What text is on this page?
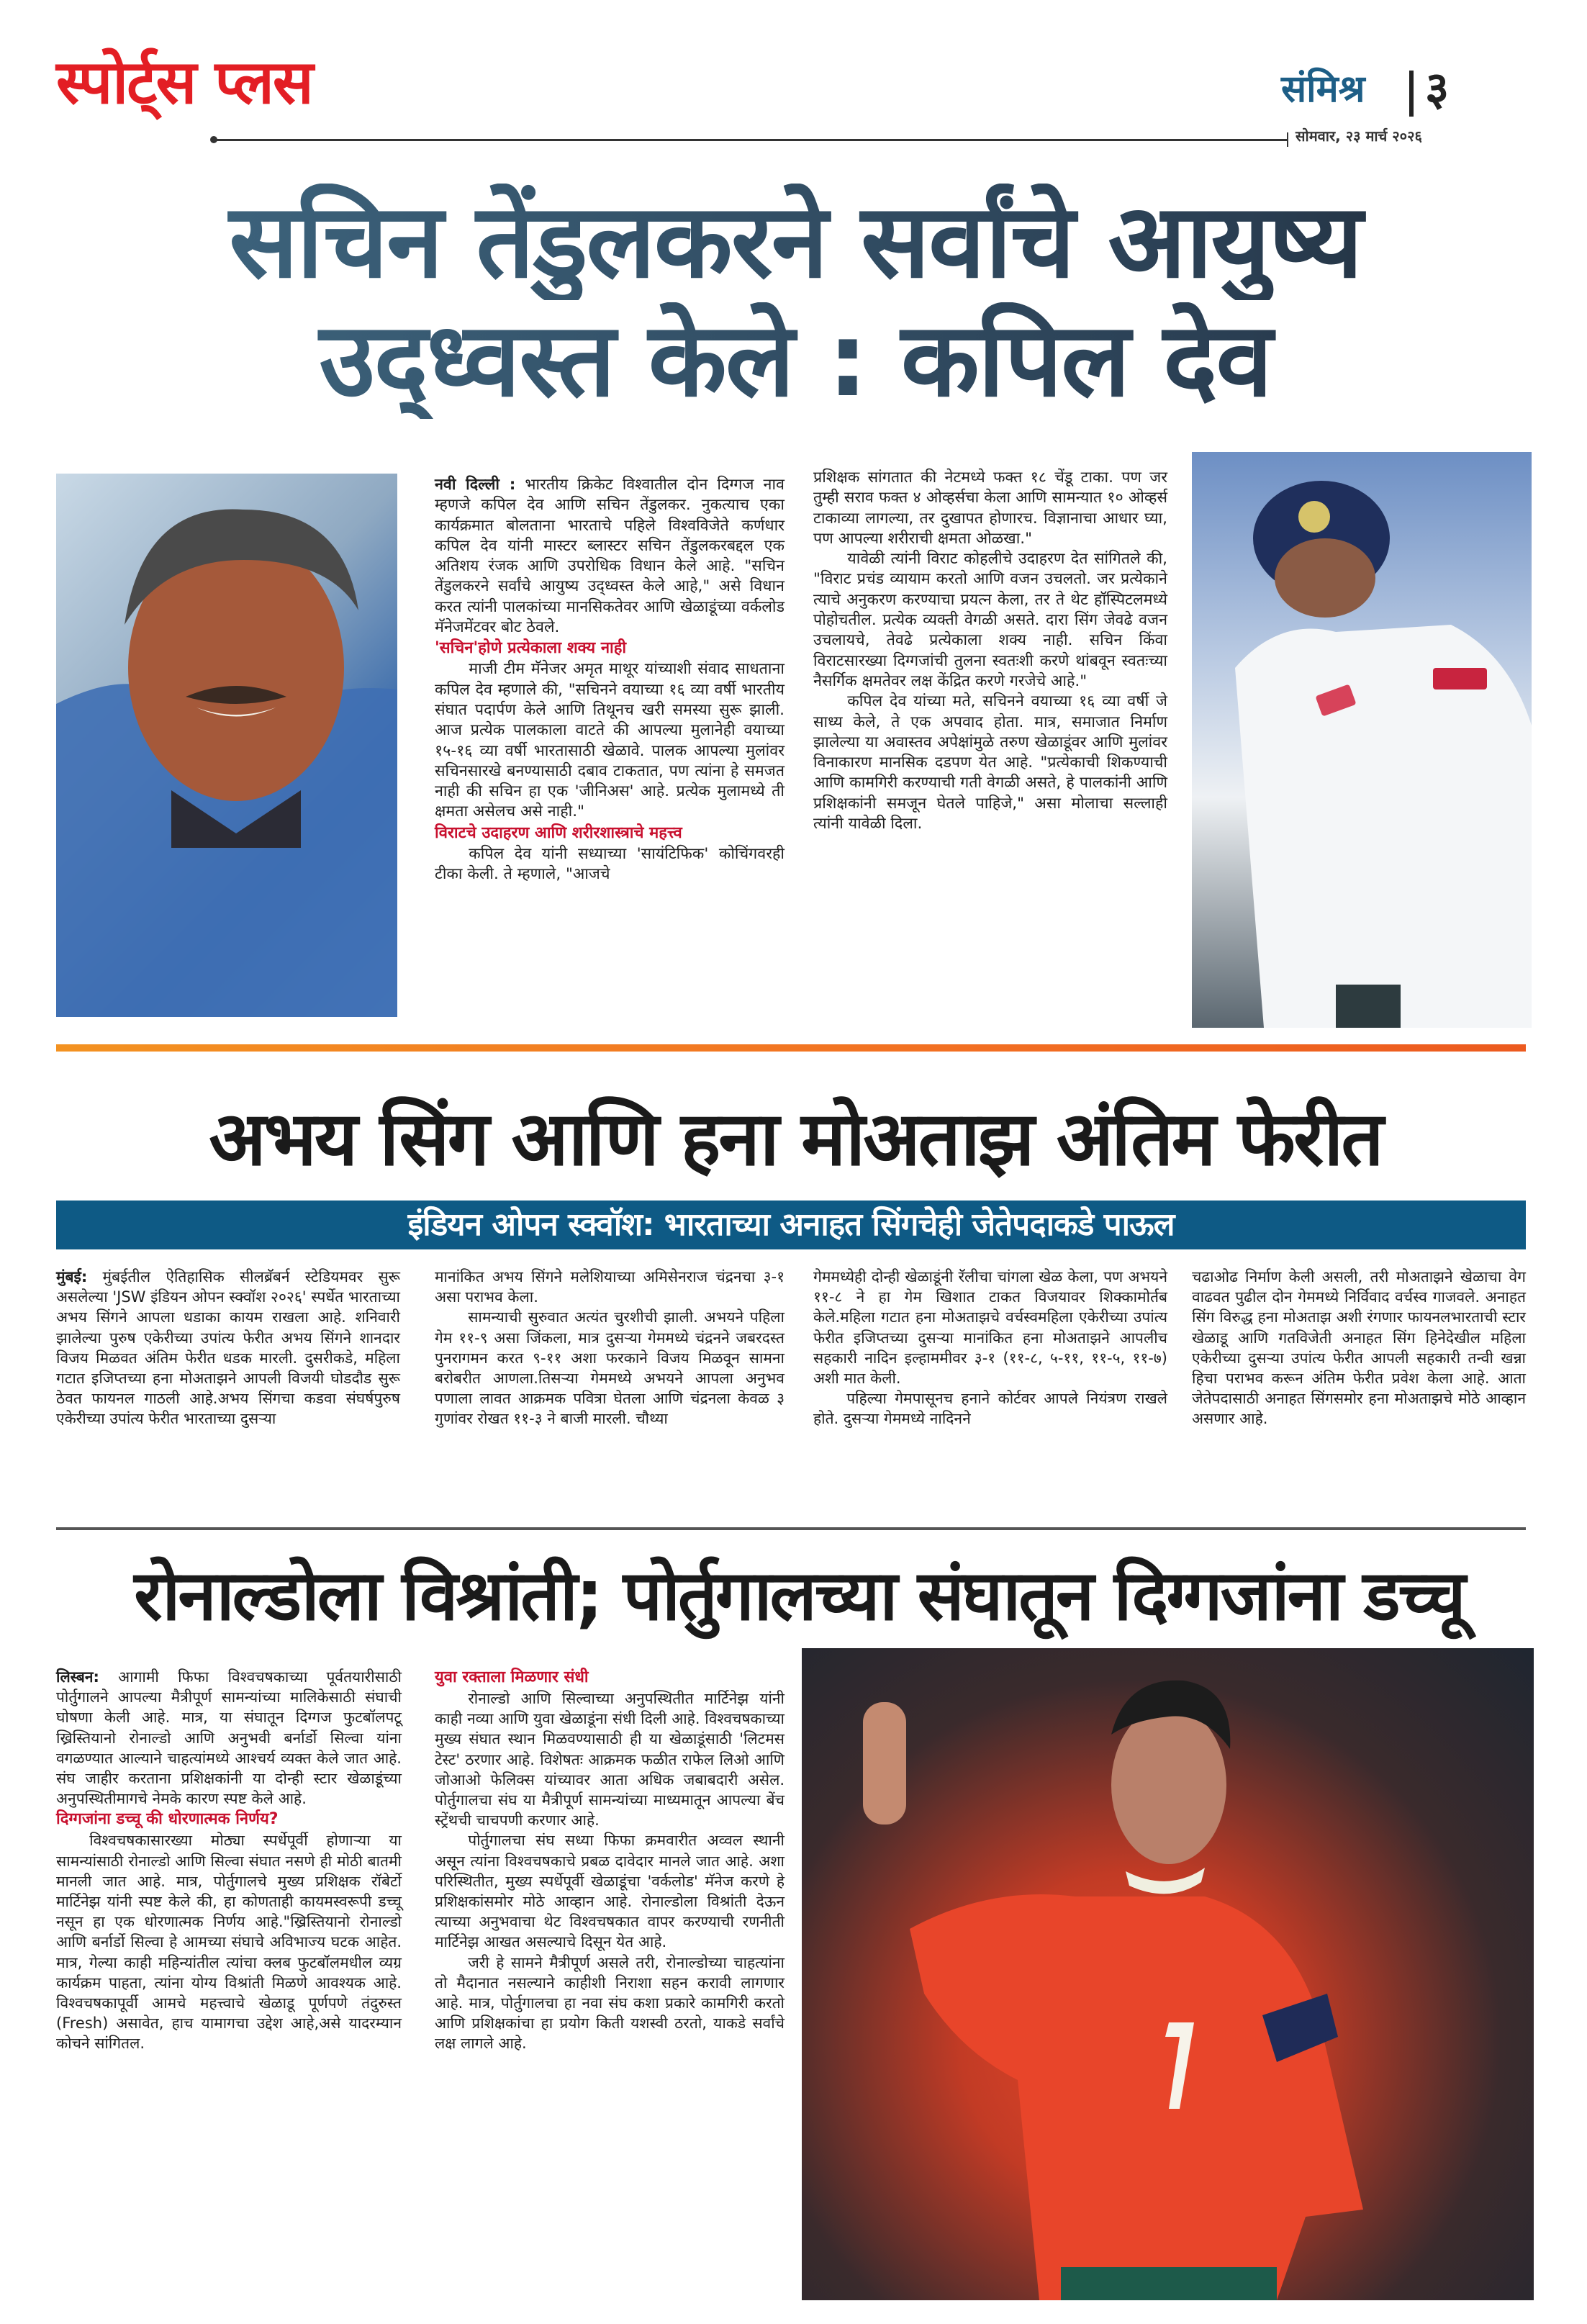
स्पोर्ट्स प्लस	संमिश्र ३
सोमवार, २३ मार्च २०२६
सचिन तेंडुलकरने सर्वांचे आयुष्य
उद्ध्वस्त केले : कपिल देव

नवी दिल्ली : भारतीय क्रिकेट विश्वातील दोन दिग्गज नाव म्हणजे कपिल देव आणि सचिन तेंडुलकर. नुकत्याच एका कार्यक्रमात बोलताना भारताचे पहिले विश्वविजेते कर्णधार कपिल देव यांनी मास्टर ब्लास्टर सचिन तेंडुलकरबद्दल एक अतिशय रंजक आणि उपरोधिक विधान केले आहे. "सचिन तेंडुलकरने सर्वांचे आयुष्य उद्ध्वस्त केले आहे," असे विधान करत त्यांनी पालकांच्या मानसिकतेवर आणि खेळाडूंच्या वर्कलोड मॅनेजमेंटवर बोट ठेवले.

'सचिन'होणे प्रत्येकाला शक्य नाही

माजी टीम मॅनेजर अमृत माथूर यांच्याशी संवाद साधताना कपिल देव म्हणाले की, "सचिनने वयाच्या १६ व्या वर्षी भारतीय संघात पदार्पण केले आणि तिथूनच खरी समस्या सुरू झाली. आज प्रत्येक पालकाला वाटते की आपल्या मुलानेही वयाच्या १५-१६ व्या वर्षी भारतासाठी खेळावे. पालक आपल्या मुलांवर सचिनसारखे बनण्यासाठी दबाव टाकतात, पण त्यांना हे समजत नाही की सचिन हा एक 'जीनिअस' आहे. प्रत्येक मुलामध्ये ती क्षमता असेलच असे नाही."

विराटचे उदाहरण आणि शरीरशास्त्राचे महत्त्व

कपिल देव यांनी सध्याच्या 'सायंटिफिक' कोचिंगवरही टीका केली. ते म्हणाले, "आजचे

प्रशिक्षक सांगतात की नेटमध्ये फक्त १८ चेंडू टाका. पण जर तुम्ही सराव फक्त ४ ओव्हर्सचा केला आणि सामन्यात १० ओव्हर्स टाकाव्या लागल्या, तर दुखापत होणारच. विज्ञानाचा आधार घ्या, पण आपल्या शरीराची क्षमता ओळखा."

यावेळी त्यांनी विराट कोहलीचे उदाहरण देत सांगितले की, "विराट प्रचंड व्यायाम करतो आणि वजन उचलतो. जर प्रत्येकाने त्याचे अनुकरण करण्याचा प्रयत्न केला, तर ते थेट हॉस्पिटलमध्ये पोहोचतील. प्रत्येक व्यक्ती वेगळी असते. दारा सिंग जेवढे वजन उचलायचे, तेवढे प्रत्येकाला शक्य नाही. सचिन किंवा विराटसारख्या दिग्गजांची तुलना स्वतःशी करणे थांबवून स्वतःच्या नैसर्गिक क्षमतेवर लक्ष केंद्रित करणे गरजेचे आहे."

कपिल देव यांच्या मते, सचिनने वयाच्या १६ व्या वर्षी जे साध्य केले, ते एक अपवाद होता. मात्र, समाजात निर्माण झालेल्या या अवास्तव अपेक्षांमुळे तरुण खेळाडूंवर आणि मुलांवर विनाकारण मानसिक दडपण येत आहे. "प्रत्येकाची शिकण्याची आणि कामगिरी करण्याची गती वेगळी असते, हे पालकांनी आणि प्रशिक्षकांनी समजून घेतले पाहिजे," असा मोलाचा सल्लाही त्यांनी यावेळी दिला.

अभय सिंग आणि हना मोअताझ अंतिम फेरीत
इंडियन ओपन स्क्वॉश: भारताच्या अनाहत सिंगचेही जेतेपदाकडे पाऊल

मुंबई: मुंबईतील ऐतिहासिक सीलब्रॅबर्न स्टेडियमवर सुरू असलेल्या 'JSW इंडियन ओपन स्क्वॉश २०२६' स्पर्धेत भारताच्या अभय सिंगने आपला धडाका कायम राखला आहे. शनिवारी झालेल्या पुरुष एकेरीच्या उपांत्य फेरीत अभय सिंगने शानदार विजय मिळवत अंतिम फेरीत धडक मारली. दुसरीकडे, महिला गटात इजिप्तच्या हना मोअताझने आपली विजयी घोडदौड सुरू ठेवत फायनल गाठली आहे.अभय सिंगचा कडवा संघर्षपुरुष एकेरीच्या उपांत्य फेरीत भारताच्या दुसऱ्या

मानांकित अभय सिंगने मलेशियाच्या अमिसेनराज चंद्रनचा ३-१ असा पराभव केला.

सामन्याची सुरुवात अत्यंत चुरशीची झाली. अभयने पहिला गेम ११-९ असा जिंकला, मात्र दुसऱ्या गेममध्ये चंद्रनने जबरदस्त पुनरागमन करत ९-११ अशा फरकाने विजय मिळवून सामना बरोबरीत आणला.तिसऱ्या गेममध्ये अभयने आपला अनुभव पणाला लावत आक्रमक पवित्रा घेतला आणि चंद्रनला केवळ ३ गुणांवर रोखत ११-३ ने बाजी मारली. चौथ्या

गेममध्येही दोन्ही खेळाडूंनी रॅलीचा चांगला खेळ केला, पण अभयने ११-८ ने हा गेम खिशात टाकत विजयावर शिक्कामोर्तब केले.महिला गटात हना मोअताझचे वर्चस्वमहिला एकेरीच्या उपांत्य फेरीत इजिप्तच्या दुसऱ्या मानांकित हना मोअताझने आपलीच सहकारी नादिन इल्हाममीवर ३-१ (११-८, ५-११, ११-५, ११-७) अशी मात केली.

पहिल्या गेमपासूनच हनाने कोर्टवर आपले नियंत्रण राखले होते. दुसऱ्या गेममध्ये नादिनने

चढाओढ निर्माण केली असली, तरी मोअताझने खेळाचा वेग वाढवत पुढील दोन गेममध्ये निर्विवाद वर्चस्व गाजवले. अनाहत सिंग विरुद्ध हना मोअताझ अशी रंगणार फायनलभारताची स्टार खेळाडू आणि गतविजेती अनाहत सिंग हिनेदेखील महिला एकेरीच्या दुसऱ्या उपांत्य फेरीत आपली सहकारी तन्वी खन्ना हिचा पराभव करून अंतिम फेरीत प्रवेश केला आहे. आता जेतेपदासाठी अनाहत सिंगसमोर हना मोअताझचे मोठे आव्हान असणार आहे.

रोनाल्डोला विश्रांती; पोर्तुगालच्या संघातून दिग्गजांना डच्चू

लिस्बन: आगामी फिफा विश्वचषकाच्या पूर्वतयारीसाठी पोर्तुगालने आपल्या मैत्रीपूर्ण सामन्यांच्या मालिकेसाठी संघाची घोषणा केली आहे. मात्र, या संघातून दिग्गज फुटबॉलपटू ख्रिस्तियानो रोनाल्डो आणि अनुभवी बर्नार्डो सिल्वा यांना वगळण्यात आल्याने चाहत्यांमध्ये आश्चर्य व्यक्त केले जात आहे. संघ जाहीर करताना प्रशिक्षकांनी या दोन्ही स्टार खेळाडूंच्या अनुपस्थितीमागचे नेमके कारण स्पष्ट केले आहे.

दिग्गजांना डच्चू की धोरणात्मक निर्णय?

विश्वचषकासारख्या मोठ्या स्पर्धेपूर्वी होणाऱ्या या सामन्यांसाठी रोनाल्डो आणि सिल्वा संघात नसणे ही मोठी बातमी मानली जात आहे. मात्र, पोर्तुगालचे मुख्य प्रशिक्षक रॉबेर्टो मार्टिनेझ यांनी स्पष्ट केले की, हा कोणताही कायमस्वरूपी डच्चू नसून हा एक धोरणात्मक निर्णय आहे."ख्रिस्तियानो रोनाल्डो आणि बर्नार्डो सिल्वा हे आमच्या संघाचे अविभाज्य घटक आहेत. मात्र, गेल्या काही महिन्यांतील त्यांचा क्लब फुटबॉलमधील व्यग्र कार्यक्रम पाहता, त्यांना योग्य विश्रांती मिळणे आवश्यक आहे. विश्वचषकापूर्वी आमचे महत्त्वाचे खेळाडू पूर्णपणे तंदुरुस्त (Fresh) असावेत, हाच यामागचा उद्देश आहे,असे यादरम्यान कोचने सांगितल.

युवा रक्ताला मिळणार संधी

रोनाल्डो आणि सिल्वाच्या अनुपस्थितीत मार्टिनेझ यांनी काही नव्या आणि युवा खेळाडूंना संधी दिली आहे. विश्वचषकाच्या मुख्य संघात स्थान मिळवण्यासाठी ही या खेळाडूंसाठी 'लिटमस टेस्ट' ठरणार आहे. विशेषतः आक्रमक फळीत राफेल लिओ आणि जोआओ फेलिक्स यांच्यावर आता अधिक जबाबदारी असेल. पोर्तुगालचा संघ या मैत्रीपूर्ण सामन्यांच्या माध्यमातून आपल्या बेंच स्ट्रेंथची चाचपणी करणार आहे.

पोर्तुगालचा संघ सध्या फिफा क्रमवारीत अव्वल स्थानी असून त्यांना विश्वचषकाचे प्रबळ दावेदार मानले जात आहे. अशा परिस्थितीत, मुख्य स्पर्धेपूर्वी खेळाडूंचा 'वर्कलोड' मॅनेज करणे हे प्रशिक्षकांसमोर मोठे आव्हान आहे. रोनाल्डोला विश्रांती देऊन त्याच्या अनुभवाचा थेट विश्वचषकात वापर करण्याची रणनीती मार्टिनेझ आखत असल्याचे दिसून येत आहे.

जरी हे सामने मैत्रीपूर्ण असले तरी, रोनाल्डोच्या चाहत्यांना तो मैदानात नसल्याने काहीशी निराशा सहन करावी लागणार आहे. मात्र, पोर्तुगालचा हा नवा संघ कशा प्रकारे कामगिरी करतो आणि प्रशिक्षकांचा हा प्रयोग किती यशस्वी ठरतो, याकडे सर्वांचे लक्ष लागले आहे.
